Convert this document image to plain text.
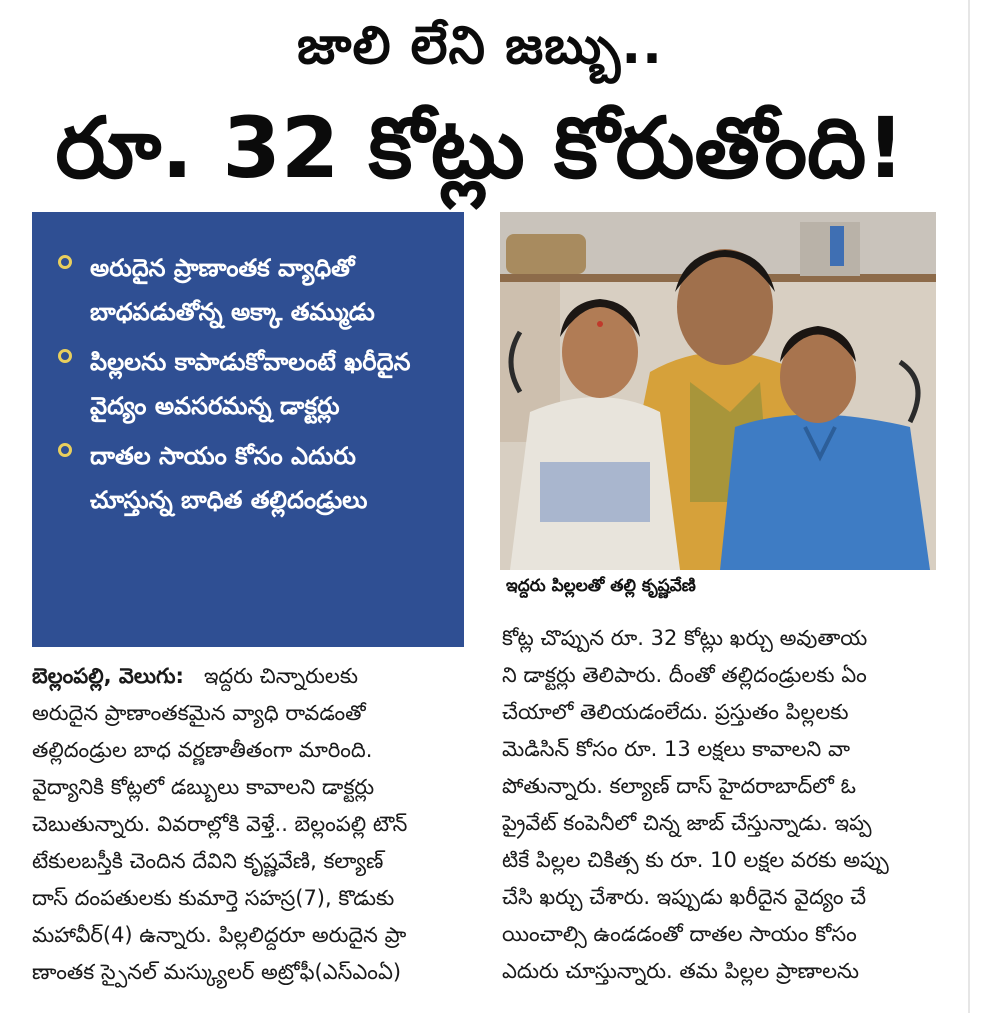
జాలి లేని జబ్బు..
రూ. 32 కోట్లు కోరుతోంది!
అరుదైన ప్రాణాంతక వ్యాధితో బాధపడుతోన్న అక్కా తమ్ముడు
పిల్లలను కాపాడుకోవాలంటే ఖరీదైన వైద్యం అవసరమన్న డాక్టర్లు
దాతల సాయం కోసం ఎదురు చూస్తున్న బాధిత తల్లిదండ్రులు
ఇద్దరు పిల్లలతో తల్లి కృష్ణవేణి
బెల్లంపల్లి, వెలుగు: ఇద్దరు చిన్నారులకు
అరుదైన ప్రాణాంతకమైన వ్యాధి రావడంతో
తల్లిదండ్రుల బాధ వర్ణణాతీతంగా మారింది.
వైద్యానికి కోట్లలో డబ్బులు కావాలని డాక్టర్లు
చెబుతున్నారు. వివరాల్లోకి వెళ్తే.. బెల్లంపల్లి టౌన్
టేకులబస్తీకి చెందిన దేవిని కృష్ణవేణి, కల్యాణ్
దాస్ దంపతులకు కుమార్తె సహస్ర(7), కొడుకు
మహావీర్(4) ఉన్నారు. పిల్లలిద్దరూ అరుదైన ప్రా
ణాంతక స్పైనల్ మస్క్యులర్ అట్రోఫీ(ఎస్ఎంఏ)
కోట్ల చొప్పున రూ. 32 కోట్లు ఖర్చు అవుతాయ
ని డాక్టర్లు తెలిపారు. దీంతో తల్లిదండ్రులకు ఏం
చేయాలో తెలియడంలేదు. ప్రస్తుతం పిల్లలకు
మెడిసిన్ కోసం రూ. 13 లక్షలు కావాలని వా
పోతున్నారు. కల్యాణ్ దాస్ హైదరాబాద్‌లో ఓ
ప్రైవేట్ కంపెనీలో చిన్న జాబ్ చేస్తున్నాడు. ఇప్ప
టికే పిల్లల చికిత్స కు రూ. 10 లక్షల వరకు అప్పు
చేసి ఖర్చు చేశారు. ఇప్పుడు ఖరీదైన వైద్యం చే
యించాల్సి ఉండడంతో దాతల సాయం కోసం
ఎదురు చూస్తున్నారు. తమ పిల్లల ప్రాణాలను
